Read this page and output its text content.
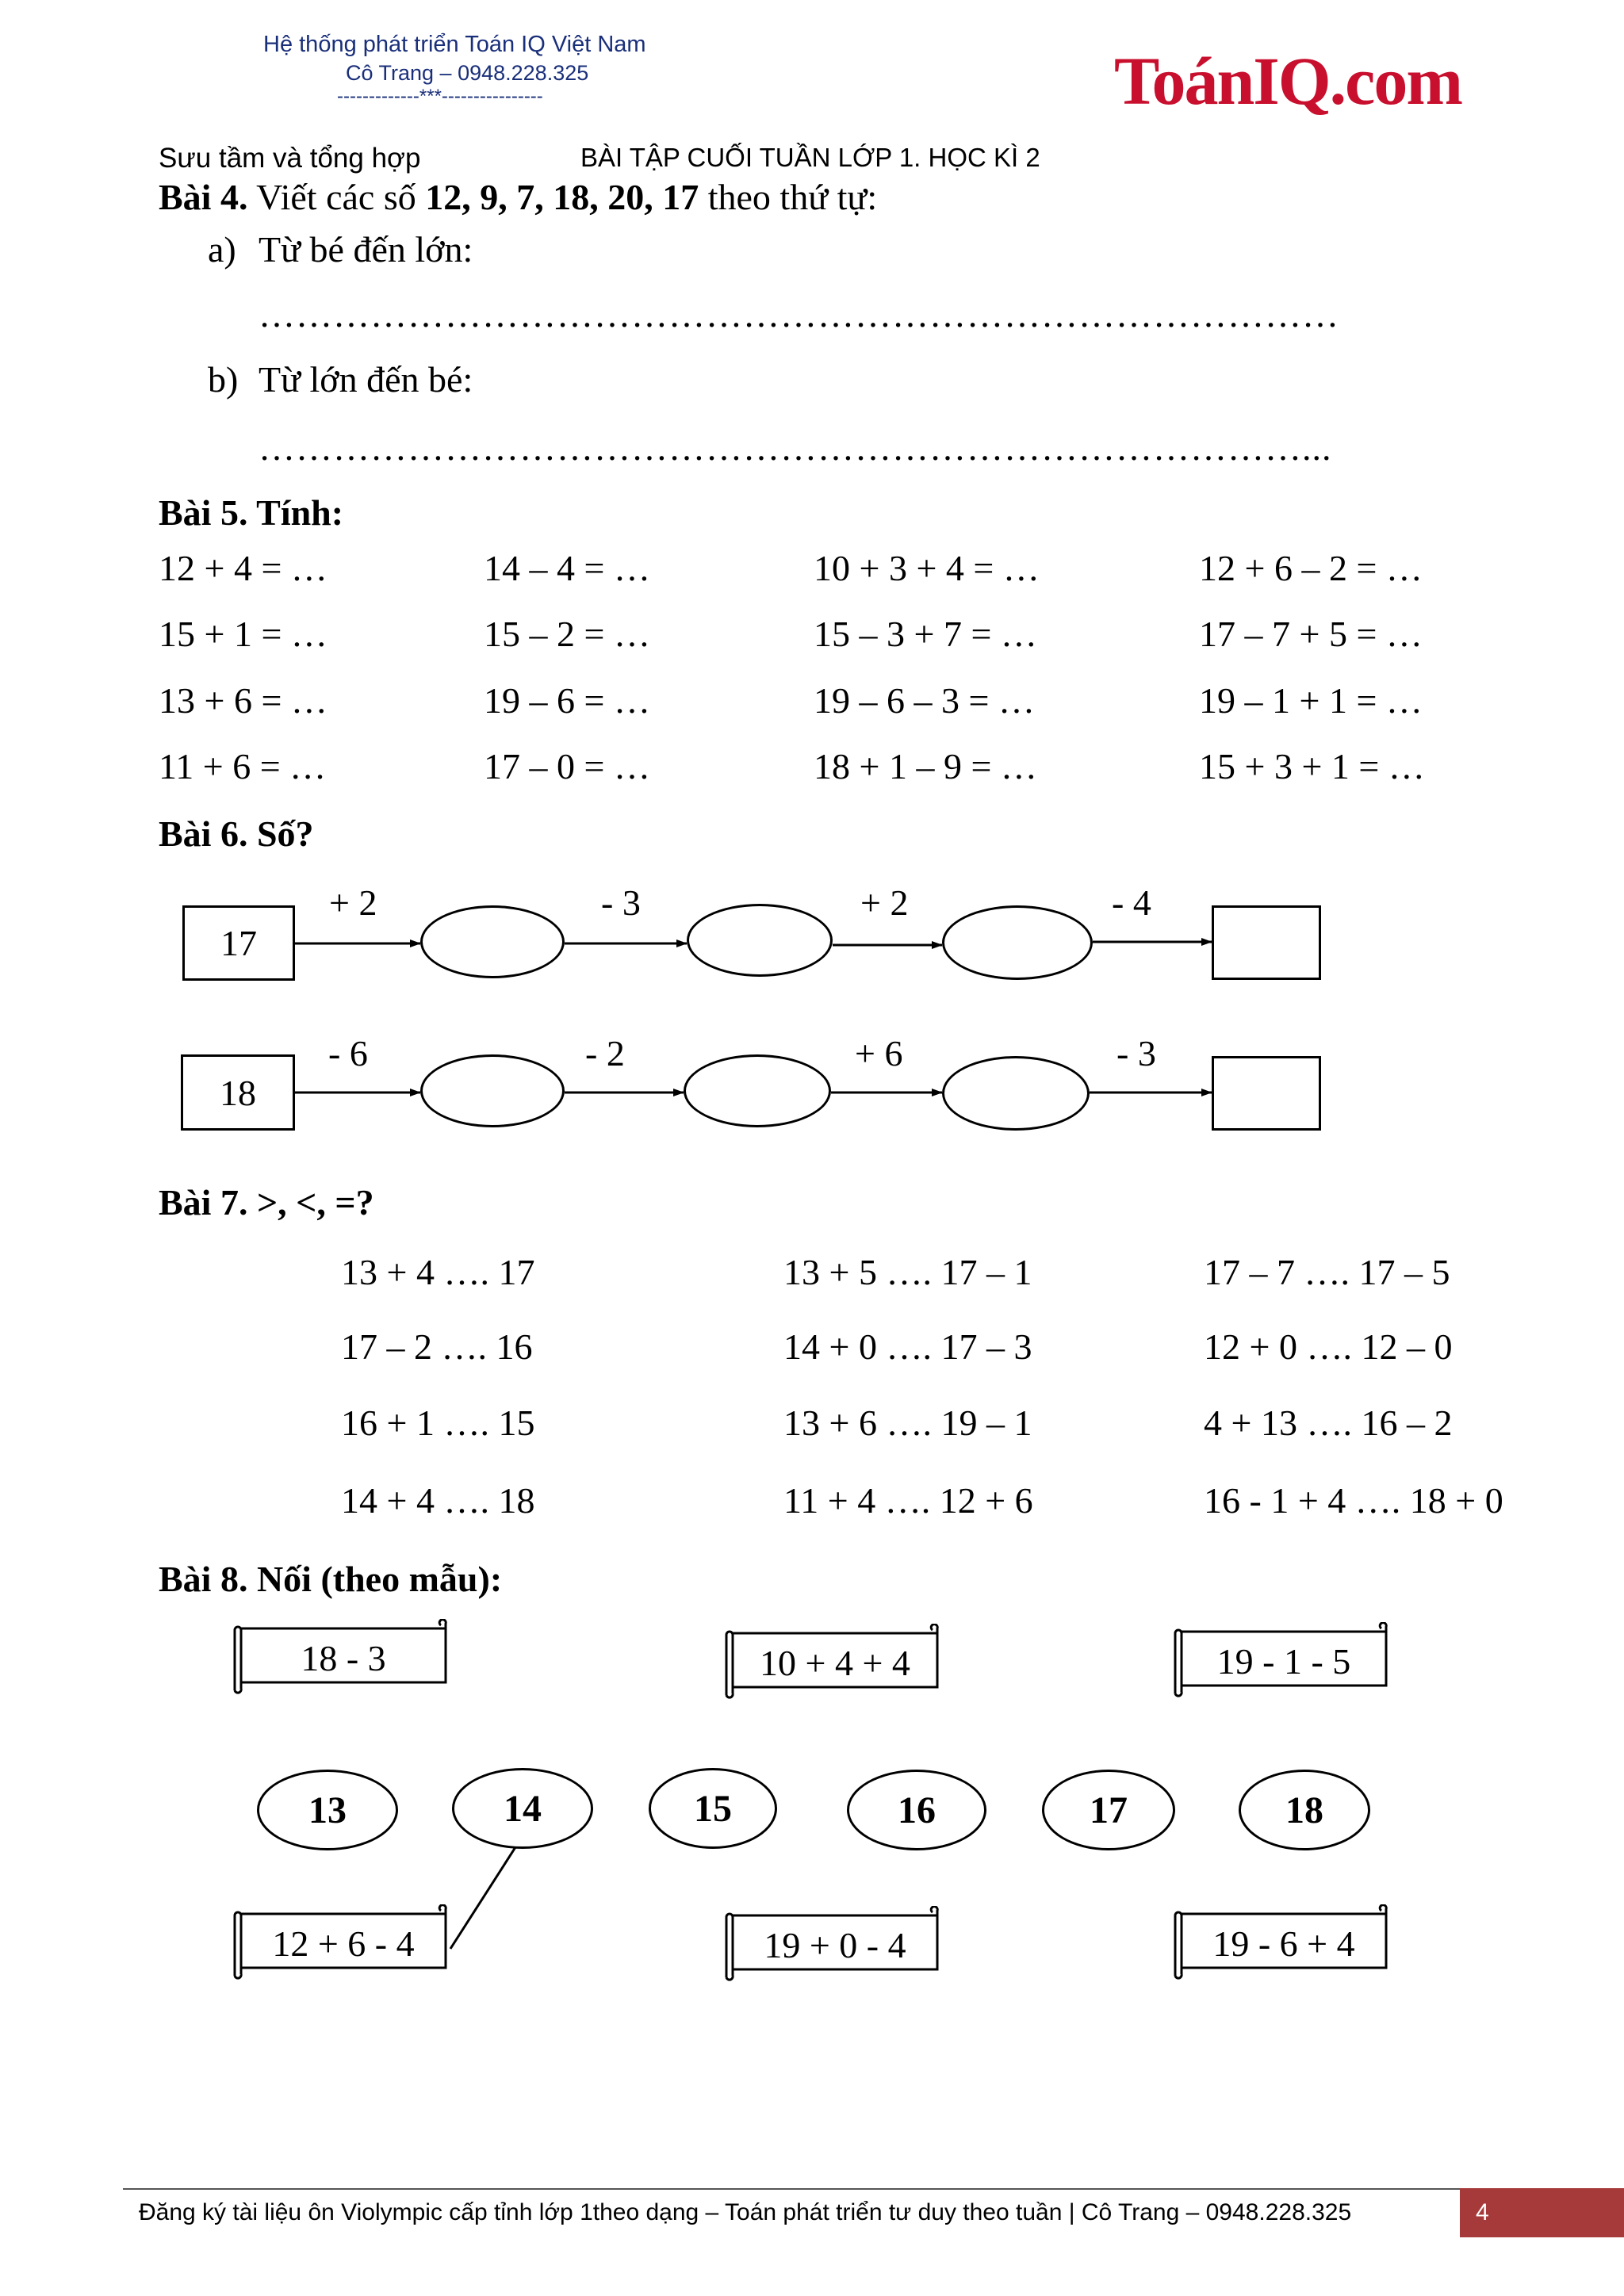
Hệ thống phát triển Toán IQ Việt Nam
Cô Trang – 0948.228.325
-------------***----------------	ToánIQ.com
Sưu tầm và tổng hợp	BÀI TẬP CUỐI TUẦN LỚP 1. HỌC KÌ 2
Bài 4. Viết các số 12, 9, 7, 18, 20, 17 theo thứ tự:
a) Từ bé đến lớn:
……………………………………………………………………………
b) Từ lớn đến bé:
…………………………………………………………………………...
Bài 5. Tính:
12 + 4 = …	14 – 4 = …	10 + 3 + 4 = …	12 + 6 – 2 = …
15 + 1 = …	15 – 2 = …	15 – 3 + 7 = …	17 – 7 + 5 = …
13 + 6 = …	19 – 6 = …	19 – 6 – 3 = …	19 – 1 + 1 = …
11 + 6 = …	17 – 0 = …	18 + 1 – 9 = …	15 + 3 + 1 = …
Bài 6. Số?
17
+ 2	- 3	+ 2	- 4
18
- 6	- 2	+ 6	- 3
Bài 7. >, <, =?
13 + 4 …. 17	13 + 5 …. 17 – 1	17 – 7 …. 17 – 5
17 – 2 …. 16	14 + 0 …. 17 – 3	12 + 0 …. 12 – 0
16 + 1 …. 15	13 + 6 …. 19 – 1	4 + 13 …. 16 – 2
14 + 4 …. 18	11 + 4 …. 12 + 6	16 - 1 + 4 …. 18 + 0
Bài 8. Nối (theo mẫu):
18 - 3	10 + 4 + 4	19 - 1 - 5
13	14	15	16	17	18
12 + 6 - 4	19 + 0 - 4	19 - 6 + 4
Đăng ký tài liệu ôn Violympic cấp tỉnh lớp 1theo dạng – Toán phát triển tư duy theo tuần | Cô Trang – 0948.228.325	4
